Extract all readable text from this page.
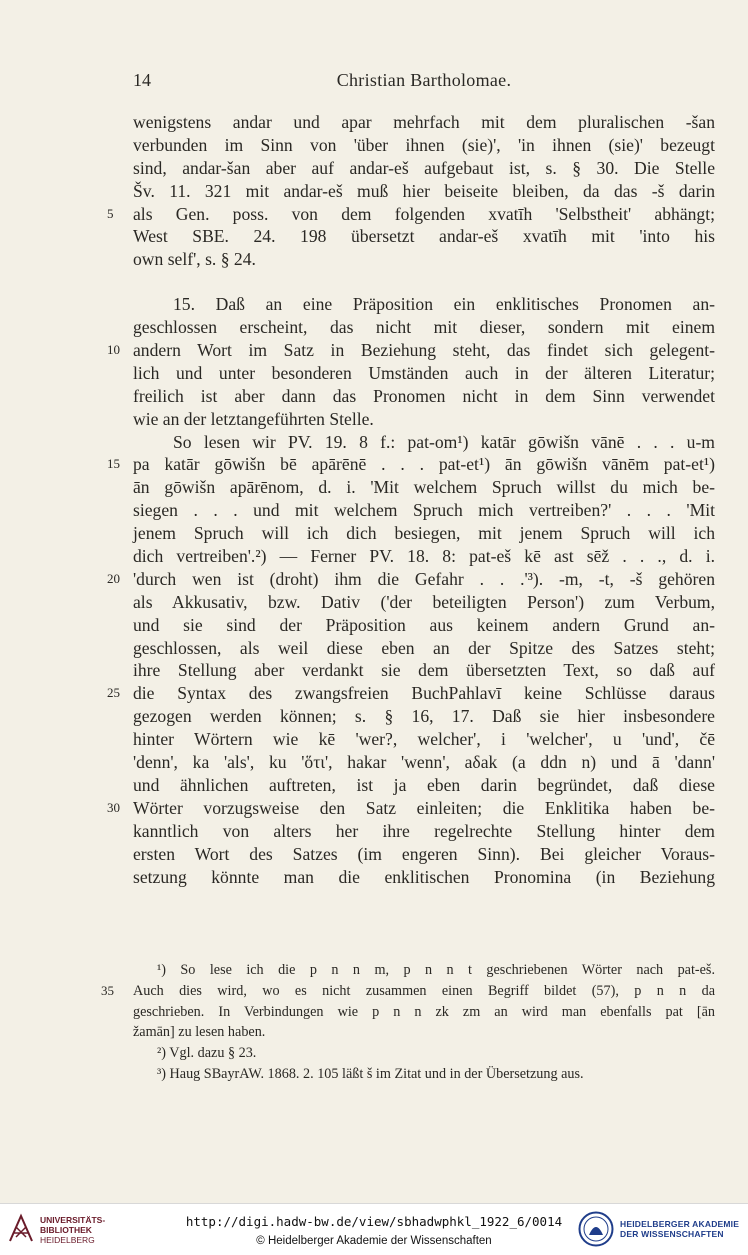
14	Christian Bartholomae.
wenigstens andar und apar mehrfach mit dem pluralischen -šan
verbunden im Sinn von 'über ihnen (sie)', 'in ihnen (sie)' bezeugt
sind, andar-šan aber auf andar-eš aufgebaut ist, s. § 30. Die Stelle
Šv. 11. 321 mit andar-eš muß hier beiseite bleiben, da das -š darin
als Gen. poss. von dem folgenden xvatīh 'Selbstheit' abhängt;
5
West SBE. 24. 198 übersetzt andar-eš xvatīh mit 'into his
own self', s. § 24.
15. Daß an eine Präposition ein enklitisches Pronomen an-
geschlossen erscheint, das nicht mit dieser, sondern mit einem
andern Wort im Satz in Beziehung steht, das findet sich gelegent-
10
lich und unter besonderen Umständen auch in der älteren Literatur;
freilich ist aber dann das Pronomen nicht in dem Sinn verwendet
wie an der letztangeführten Stelle.
So lesen wir PV. 19. 8 f.: pat-om¹) katār gōwišn vānē . . . u-m
pa katār gōwišn bē apārēnē . . . pat-et¹) ān gōwišn vānēm pat-et¹)
15
ān gōwišn apārēnom, d. i. 'Mit welchem Spruch willst du mich be-
siegen . . . und mit welchem Spruch mich vertreiben?' . . . 'Mit
jenem Spruch will ich dich besiegen, mit jenem Spruch will ich
dich vertreiben'.²) — Ferner PV. 18. 8: pat-eš kē ast sēž . . ., d. i.
'durch wen ist (droht) ihm die Gefahr . . .'³). -m, -t, -š gehören
20
als Akkusativ, bzw. Dativ ('der beteiligten Person') zum Verbum,
und sie sind der Präposition aus keinem andern Grund an-
geschlossen, als weil diese eben an der Spitze des Satzes steht;
ihre Stellung aber verdankt sie dem übersetzten Text, so daß auf
die Syntax des zwangsfreien BuchPahlavī keine Schlüsse daraus
25
gezogen werden können; s. § 16, 17. Daß sie hier insbesondere
hinter Wörtern wie kē 'wer?, welcher', i 'welcher', u 'und', čē
'denn', ka 'als', ku 'ὅτι', hakar 'wenn', aδak (a ddn n) und ā 'dann'
und ähnlichen auftreten, ist ja eben darin begründet, daß diese
Wörter vorzugsweise den Satz einleiten; die Enklitika haben be-
30
kanntlich von alters her ihre regelrechte Stellung hinter dem
ersten Wort des Satzes (im engeren Sinn). Bei gleicher Voraus-
setzung könnte man die enklitischen Pronomina (in Beziehung
¹) So lese ich die p n n m, p n n t geschriebenen Wörter nach pat-eš.
Auch dies wird, wo es nicht zusammen einen Begriff bildet (57), p n n da
35
geschrieben. In Verbindungen wie p n n zk zm an wird man ebenfalls pat [ān
žamān] zu lesen haben.
²) Vgl. dazu § 23.
³) Haug SBayrAW. 1868. 2. 105 läßt š im Zitat und in der Übersetzung aus.
UNIVERSITÄTS-
BIBLIOTHEK
HEIDELBERG
http://digi.hadw-bw.de/view/sbhadwphkl_1922_6/0014
© Heidelberger Akademie der Wissenschaften
HEIDELBERGER AKADEMIE
DER WISSENSCHAFTEN
